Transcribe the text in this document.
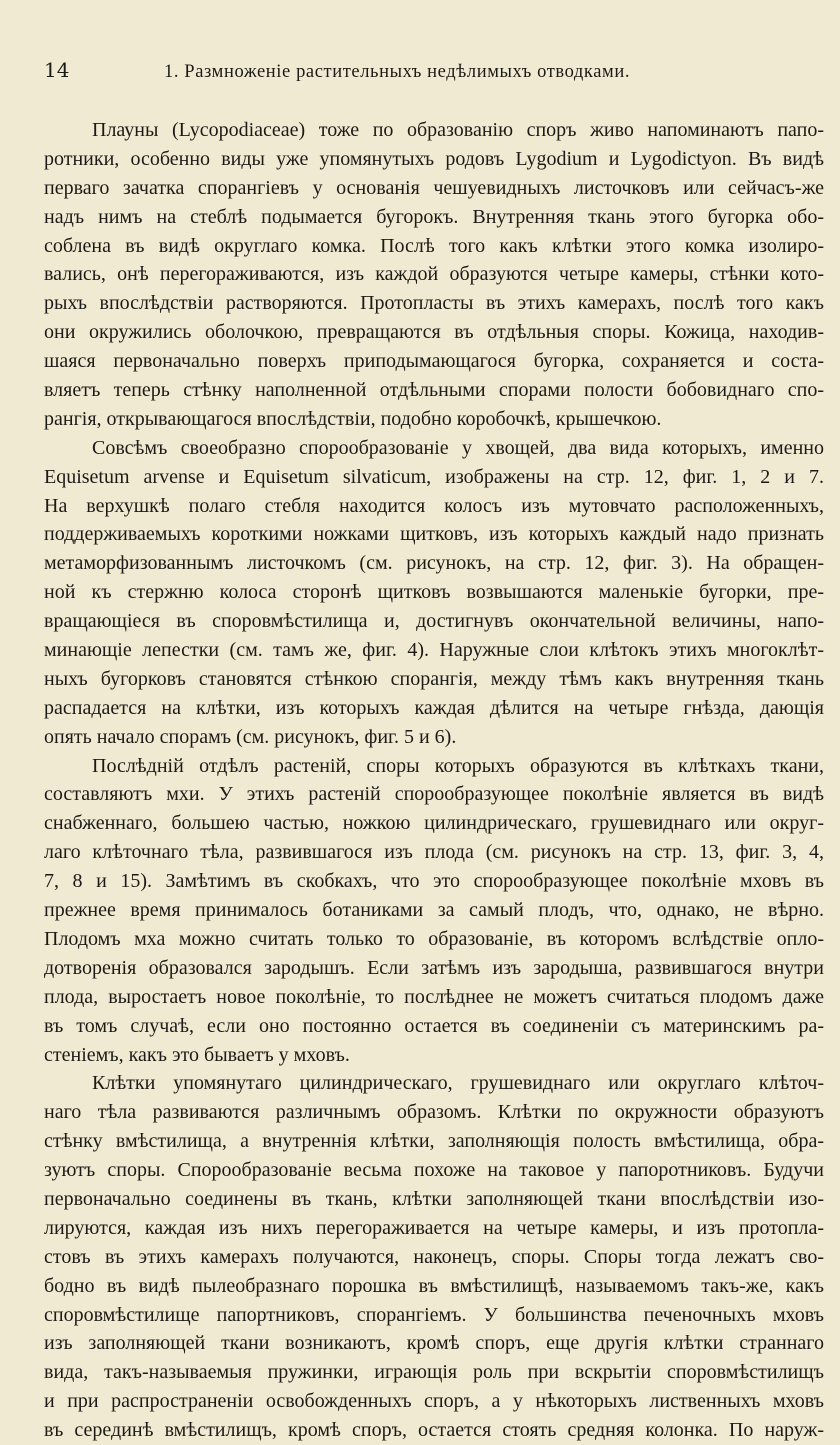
14	1. Размноженіе растительныхъ недѣлимыхъ отводками.
Плауны (Lycopodiaceae) тоже по образованію споръ живо напоминаютъ папо-
ротники, особенно виды уже упомянутыхъ родовъ Lygodium и Lygodictyon. Въ видѣ
перваго зачатка спорангіевъ у основанія чешуевидныхъ листочковъ или сейчасъ-же
надъ нимъ на стеблѣ подымается бугорокъ. Внутренняя ткань этого бугорка обо-
соблена въ видѣ округлаго комка. Послѣ того какъ клѣтки этого комка изолиро-
вались, онѣ перегораживаются, изъ каждой образуются четыре камеры, стѣнки кото-
рыхъ впослѣдствіи растворяются. Протопласты въ этихъ камерахъ, послѣ того какъ
они окружились оболочкою, превращаются въ отдѣльныя споры. Кожица, находив-
шаяся первоначально поверхъ приподымающагося бугорка, сохраняется и соста-
вляетъ теперь стѣнку наполненной отдѣльными спорами полости бобовиднаго спо-
рангія, открывающагося впослѣдствіи, подобно коробочкѣ, крышечкою.
Совсѣмъ своеобразно спорообразованіе у хвощей, два вида которыхъ, именно
Equisetum arvense и Equisetum silvaticum, изображены на стр. 12, фиг. 1, 2 и 7.
На верхушкѣ полаго стебля находится колосъ изъ мутовчато расположенныхъ,
поддерживаемыхъ короткими ножками щитковъ, изъ которыхъ каждый надо признать
метаморфизованнымъ листочкомъ (см. рисунокъ, на стр. 12, фиг. 3). На обращен-
ной къ стержню колоса сторонѣ щитковъ возвышаются маленькіе бугорки, пре-
вращающіеся въ споровмѣстилища и, достигнувъ окончательной величины, напо-
минающіе лепестки (см. тамъ же, фиг. 4). Наружные слои клѣтокъ этихъ многоклѣт-
ныхъ бугорковъ становятся стѣнкою спорангія, между тѣмъ какъ внутренняя ткань
распадается на клѣтки, изъ которыхъ каждая дѣлится на четыре гнѣзда, дающія
опять начало спорамъ (см. рисунокъ, фиг. 5 и 6).
Послѣдній отдѣлъ растеній, споры которыхъ образуются въ клѣткахъ ткани,
составляютъ мхи. У этихъ растеній спорообразующее поколѣніе является въ видѣ
снабженнаго, большею частью, ножкою цилиндрическаго, грушевиднаго или округ-
лаго клѣточнаго тѣла, развившагося изъ плода (см. рисунокъ на стр. 13, фиг. 3, 4,
7, 8 и 15). Замѣтимъ въ скобкахъ, что это спорообразующее поколѣніе мховъ въ
прежнее время принималось ботаниками за самый плодъ, что, однако, не вѣрно.
Плодомъ мха можно считать только то образованіе, въ которомъ вслѣдствіе опло-
дотворенія образовался зародышъ. Если затѣмъ изъ зародыша, развившагося внутри
плода, выростаетъ новое поколѣніе, то послѣднее не можетъ считаться плодомъ даже
въ томъ случаѣ, если оно постоянно остается въ соединеніи съ материнскимъ ра-
стеніемъ, какъ это бываетъ у мховъ.
Клѣтки упомянутаго цилиндрическаго, грушевиднаго или округлаго клѣточ-
наго тѣла развиваются различнымъ образомъ. Клѣтки по окружности образуютъ
стѣнку вмѣстилища, а внутреннія клѣтки, заполняющія полость вмѣстилища, обра-
зуютъ споры. Спорообразованіе весьма похоже на таковое у папоротниковъ. Будучи
первоначально соединены въ ткань, клѣтки заполняющей ткани впослѣдствіи изо-
лируются, каждая изъ нихъ перегораживается на четыре камеры, и изъ протопла-
стовъ въ этихъ камерахъ получаются, наконецъ, споры. Споры тогда лежатъ сво-
бодно въ видѣ пылеобразнаго порошка въ вмѣстилищѣ, называемомъ такъ-же, какъ
споровмѣстилище папортниковъ, спорангіемъ. У большинства печеночныхъ мховъ
изъ заполняющей ткани возникаютъ, кромѣ споръ, еще другія клѣтки страннаго
вида, такъ-называемыя пружинки, играющія роль при вскрытіи споровмѣстилищъ
и при распространеніи освобожденныхъ споръ, а у нѣкоторыхъ лиственныхъ мховъ
въ серединѣ вмѣстилищъ, кромѣ споръ, остается стоять средняя колонка. По наруж-
